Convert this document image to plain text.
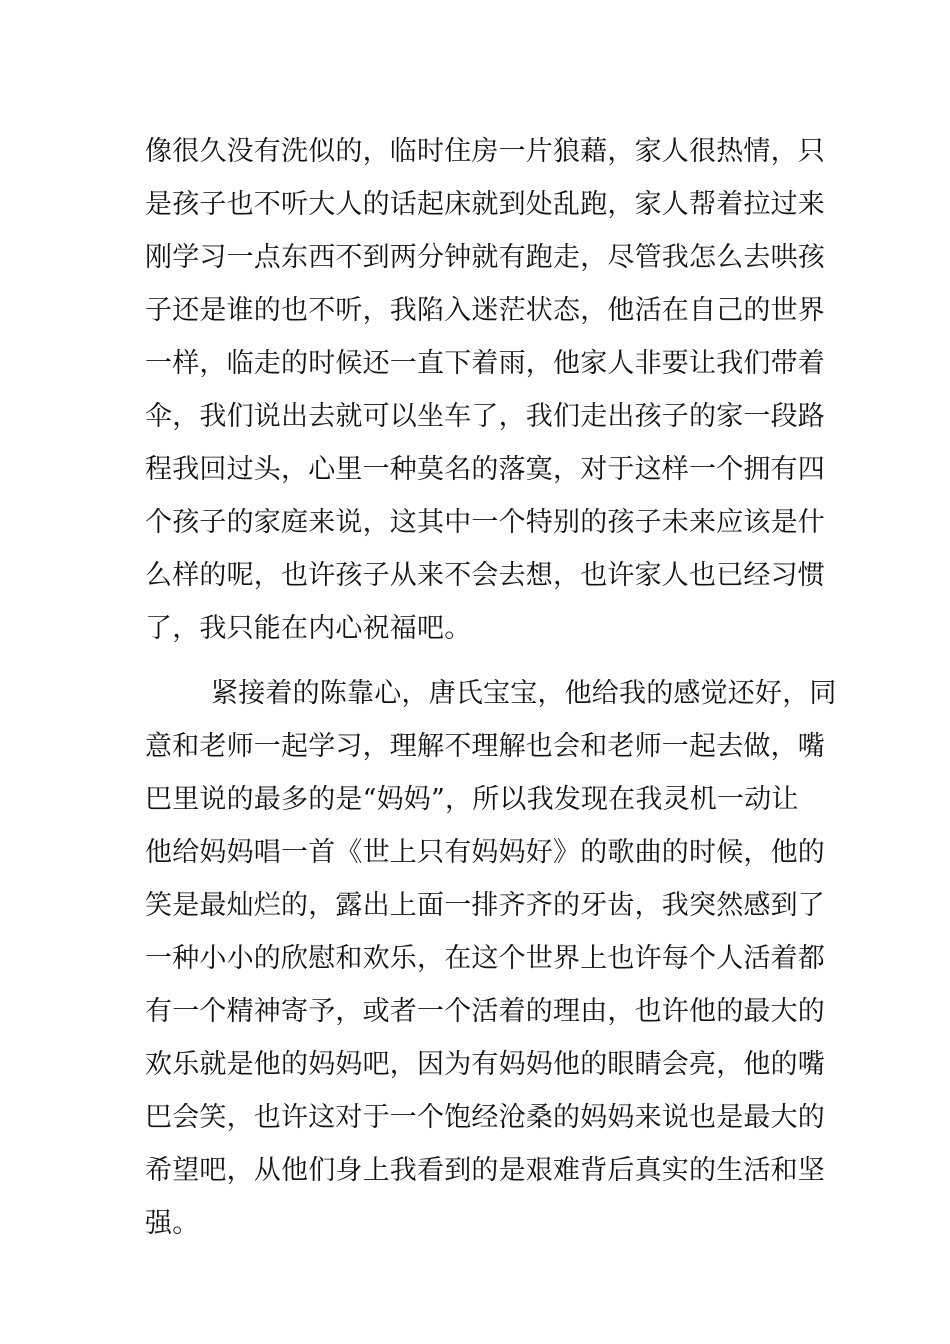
像很久没有洗似的，临时住房一片狼藉，家人很热情，只
是孩子也不听大人的话起床就到处乱跑，家人帮着拉过来
刚学习一点东西不到两分钟就有跑走，尽管我怎么去哄孩
子还是谁的也不听，我陷入迷茫状态，他活在自己的世界
一样，临走的时候还一直下着雨，他家人非要让我们带着
伞，我们说出去就可以坐车了，我们走出孩子的家一段路
程我回过头，心里一种莫名的落寞，对于这样一个拥有四
个孩子的家庭来说，这其中一个特别的孩子未来应该是什
么样的呢，也许孩子从来不会去想，也许家人也已经习惯
了，我只能在内心祝福吧。
紧接着的陈靠心，唐氏宝宝，他给我的感觉还好，同
意和老师一起学习，理解不理解也会和老师一起去做，嘴
巴里说的最多的是“妈妈”，所以我发现在我灵机一动让
他给妈妈唱一首《世上只有妈妈好》的歌曲的时候，他的
笑是最灿烂的，露出上面一排齐齐的牙齿，我突然感到了
一种小小的欣慰和欢乐，在这个世界上也许每个人活着都
有一个精神寄予，或者一个活着的理由，也许他的最大的
欢乐就是他的妈妈吧，因为有妈妈他的眼睛会亮，他的嘴
巴会笑，也许这对于一个饱经沧桑的妈妈来说也是最大的
希望吧，从他们身上我看到的是艰难背后真实的生活和坚
强。
